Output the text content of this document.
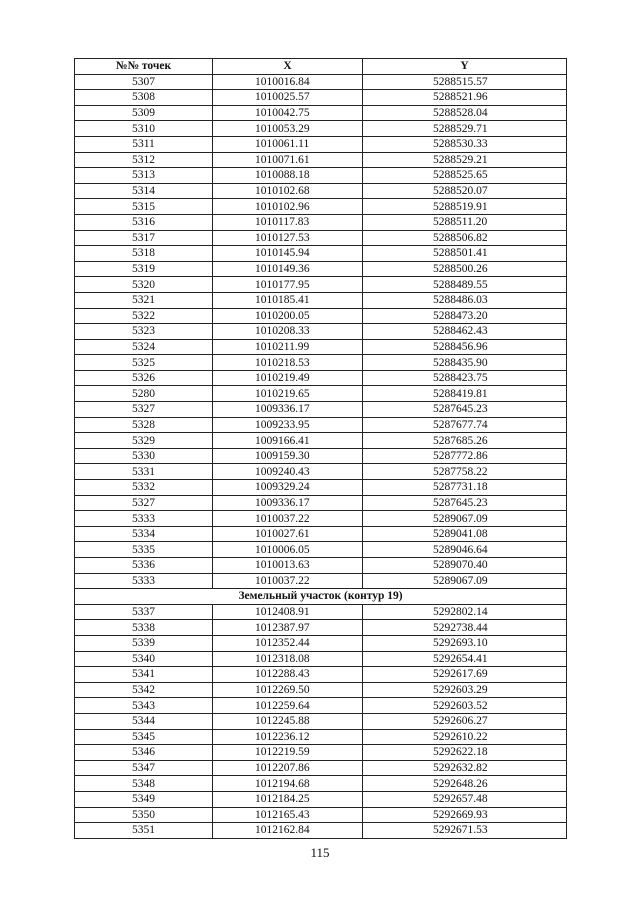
№№ точек	X	Y
5307	1010016.84	5288515.57
5308	1010025.57	5288521.96
5309	1010042.75	5288528.04
5310	1010053.29	5288529.71
5311	1010061.11	5288530.33
5312	1010071.61	5288529.21
5313	1010088.18	5288525.65
5314	1010102.68	5288520.07
5315	1010102.96	5288519.91
5316	1010117.83	5288511.20
5317	1010127.53	5288506.82
5318	1010145.94	5288501.41
5319	1010149.36	5288500.26
5320	1010177.95	5288489.55
5321	1010185.41	5288486.03
5322	1010200.05	5288473.20
5323	1010208.33	5288462.43
5324	1010211.99	5288456.96
5325	1010218.53	5288435.90
5326	1010219.49	5288423.75
5280	1010219.65	5288419.81
5327	1009336.17	5287645.23
5328	1009233.95	5287677.74
5329	1009166.41	5287685.26
5330	1009159.30	5287772.86
5331	1009240.43	5287758.22
5332	1009329.24	5287731.18
5327	1009336.17	5287645.23
5333	1010037.22	5289067.09
5334	1010027.61	5289041.08
5335	1010006.05	5289046.64
5336	1010013.63	5289070.40
5333	1010037.22	5289067.09
Земельный участок (контур 19)		
5337	1012408.91	5292802.14
5338	1012387.97	5292738.44
5339	1012352.44	5292693.10
5340	1012318.08	5292654.41
5341	1012288.43	5292617.69
5342	1012269.50	5292603.29
5343	1012259.64	5292603.52
5344	1012245.88	5292606.27
5345	1012236.12	5292610.22
5346	1012219.59	5292622.18
5347	1012207.86	5292632.82
5348	1012194.68	5292648.26
5349	1012184.25	5292657.48
5350	1012165.43	5292669.93
5351	1012162.84	5292671.53
115
